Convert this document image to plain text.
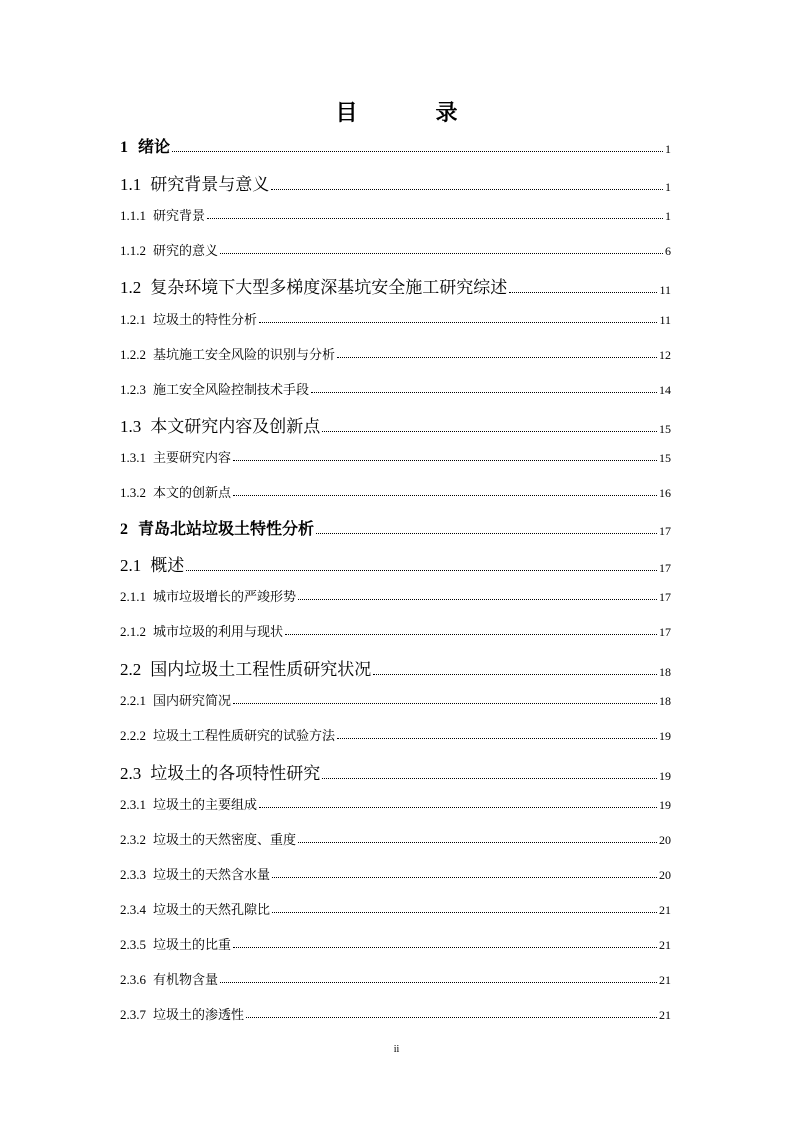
目　录
1 绪论	1
1.1 研究背景与意义	1
1.1.1 研究背景	1
1.1.2 研究的意义	6
1.2 复杂环境下大型多梯度深基坑安全施工研究综述	11
1.2.1 垃圾土的特性分析	11
1.2.2 基坑施工安全风险的识别与分析	12
1.2.3 施工安全风险控制技术手段	14
1.3 本文研究内容及创新点	15
1.3.1 主要研究内容	15
1.3.2 本文的创新点	16
2 青岛北站垃圾土特性分析	17
2.1 概述	17
2.1.1 城市垃圾增长的严竣形势	17
2.1.2 城市垃圾的利用与现状	17
2.2 国内垃圾土工程性质研究状况	18
2.2.1 国内研究简况	18
2.2.2 垃圾土工程性质研究的试验方法	19
2.3 垃圾土的各项特性研究	19
2.3.1 垃圾土的主要组成	19
2.3.2 垃圾土的天然密度、重度	20
2.3.3 垃圾土的天然含水量	20
2.3.4 垃圾土的天然孔隙比	21
2.3.5 垃圾土的比重	21
2.3.6 有机物含量	21
2.3.7 垃圾土的渗透性	21
ii
